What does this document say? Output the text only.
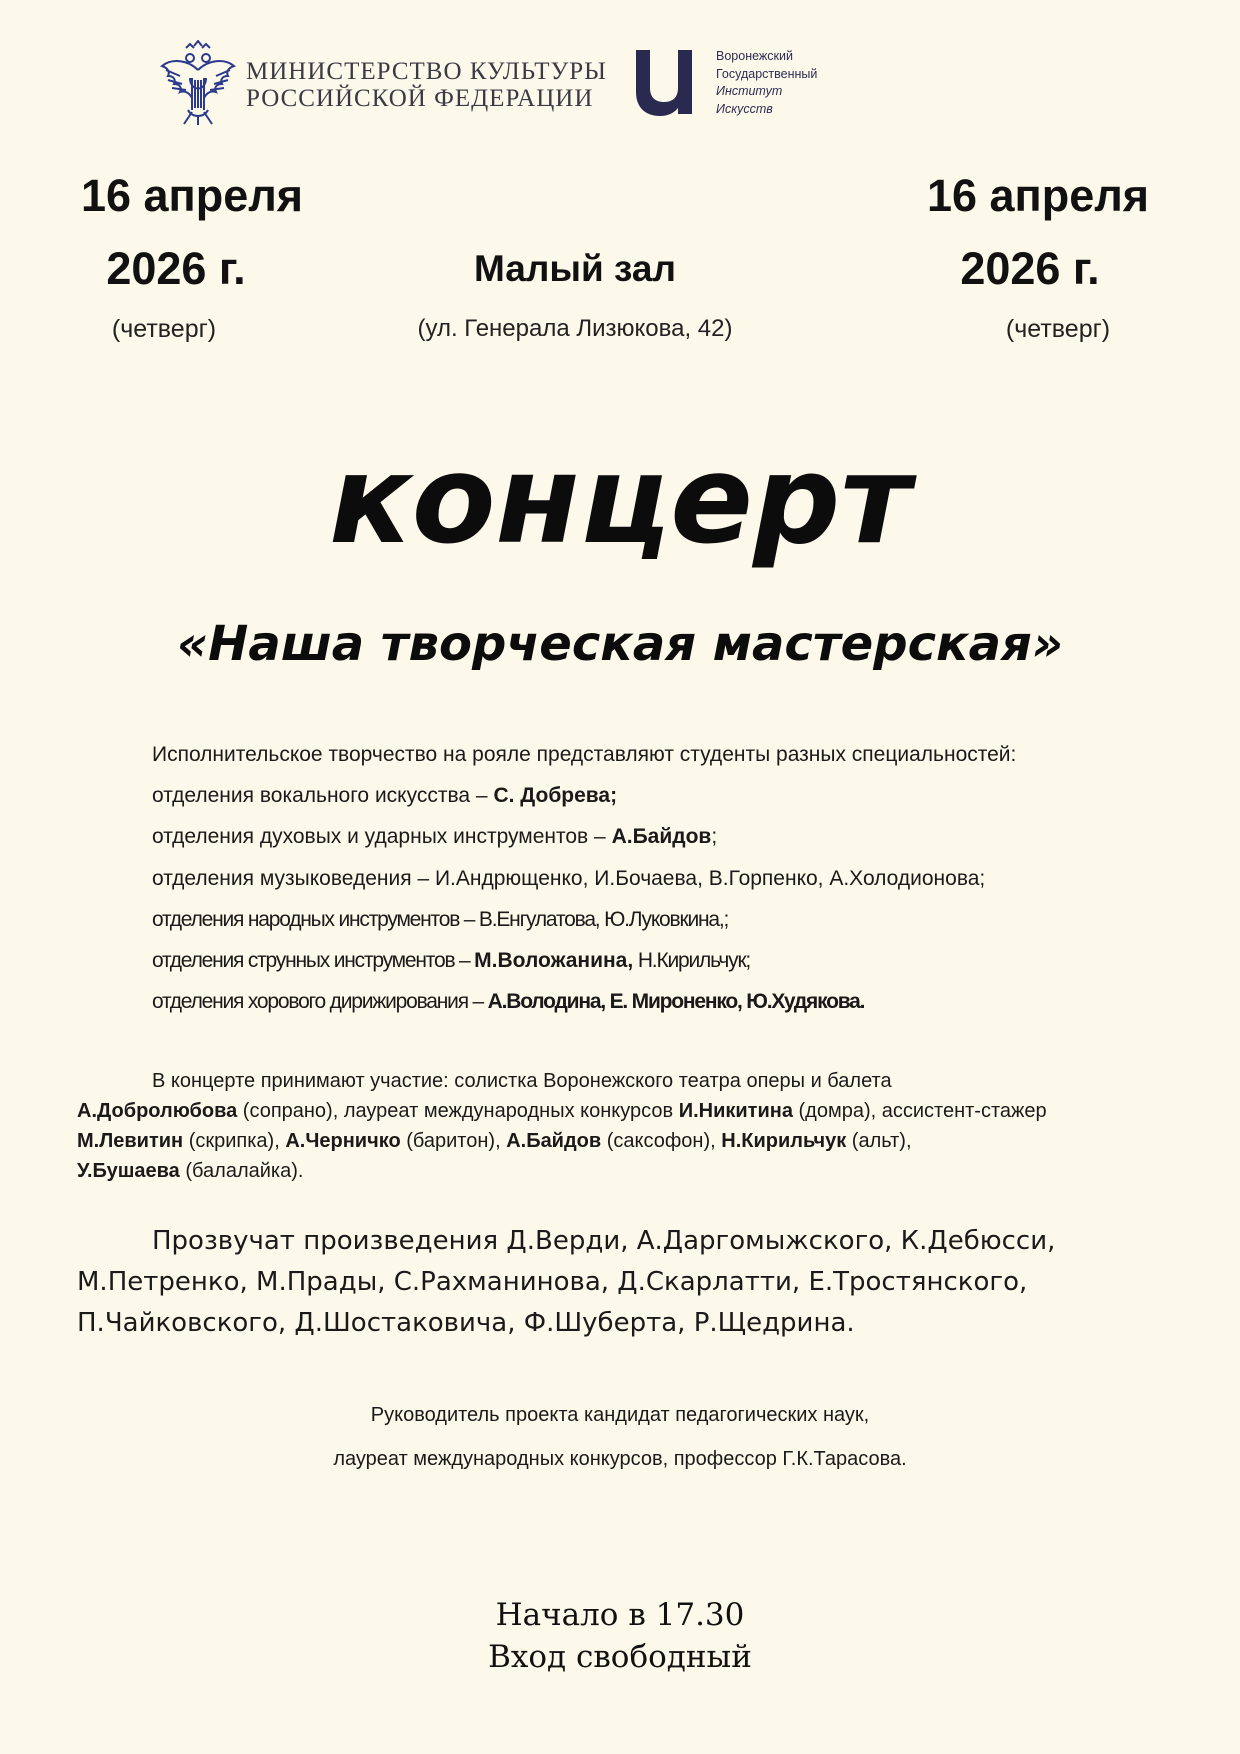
МИНИСТЕРСТВО КУЛЬТУРЫ
РОССИЙСКОЙ ФЕДЕРАЦИИ
Воронежский
Государственный
Институт
Искусств
16 апреля
2026 г.
(четверг)
16 апреля
2026 г.
(четверг)
Малый зал
(ул. Генерала Лизюкова, 42)
концерт
«Наша творческая мастерская»
Исполнительское творчество на рояле представляют студенты разных специальностей:
отделения вокального искусства – С. Добрева;
отделения духовых и ударных инструментов – А.Байдов;
отделения музыковедения – И.Андрющенко, И.Бочаева, В.Горпенко, А.Холодионова;
отделения народных инструментов – В.Енгулатова, Ю.Луковкина,;
отделения струнных инструментов – М.Воложанина, Н.Кирильчук;
отделения хорового дирижирования – А.Володина, Е. Мироненко, Ю.Худякова.
В концерте принимают участие: солистка Воронежского театра оперы и балета
А.Добролюбова (сопрано), лауреат международных конкурсов И.Никитина (домра), ассистент-стажер М.Левитин (скрипка), А.Черничко (баритон), А.Байдов (саксофон), Н.Кирильчук (альт),
У.Бушаева (балалайка).
Прозвучат произведения Д.Верди, А.Даргомыжского, К.Дебюсси, М.Петренко, М.Прады, С.Рахманинова, Д.Скарлатти, Е.Тростянского, П.Чайковского, Д.Шостаковича, Ф.Шуберта, Р.Щедрина.
Руководитель проекта кандидат педагогических наук,
лауреат международных конкурсов, профессор Г.К.Тарасова.
Начало в 17.30
Вход свободный
